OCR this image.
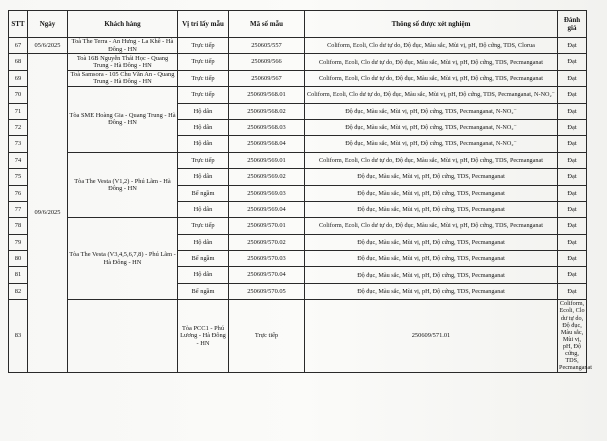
STT	Ngày	Khách hàng	Vị trí lấy mẫu	Mã số mẫu	Thông số được xét nghiệm	Đánh giá	
67	05/6/2025	Toà The Terra - An Hưng - La Khê - Hà Đông - HN	Trực tiếp	250605/557	Coliform, Ecoli, Clo dư tự do, Độ đục, Màu sắc, Mùi vị, pH, Độ cứng, TDS, Clorua	Đạt	
68	09/6/2025	Toà 16B Nguyễn Thái Học - Quang Trung - Hà Đông - HN	Trực tiếp	250609/566	Coliform, Ecoli, Clo dư tự do, Độ đục, Màu sắc, Mùi vị, pH, Độ cứng, TDS, Pecmanganat	Đạt	
69		Toà Samsora - 105 Chu Văn An - Quang Trung - Hà Đông - HN	Trực tiếp	250609/567	Coliform, Ecoli, Clo dư tự do, Độ đục, Màu sắc, Mùi vị, pH, Độ cứng, TDS, Pecmanganat	Đạt	
70		Tòa SME Hoàng Gia - Quang Trung - Hà Đông - HN	Trực tiếp	250609/568.01	Coliform, Ecoli, Clo dư tự do, Độ đục, Màu sắc, Mùi vị, pH, Độ cứng, TDS, Pecmanganat, N-NO₂⁻	Đạt	
71			Hộ dân	250609/568.02	Độ đục, Màu sắc, Mùi vị, pH, Độ cứng, TDS, Pecmanganat, N-NO₂⁻	Đạt	
72			Hộ dân	250609/568.03	Độ đục, Màu sắc, Mùi vị, pH, Độ cứng, TDS, Pecmanganat, N-NO₂⁻	Đạt	
73			Hộ dân	250609/568.04	Độ đục, Màu sắc, Mùi vị, pH, Độ cứng, TDS, Pecmanganat, N-NO₂⁻	Đạt	
74		Tòa The Vesta (V1,2) - Phú Lãm - Hà Đông - HN	Trực tiếp	250609/569.01	Coliform, Ecoli, Clo dư tự do, Độ đục, Màu sắc, Mùi vị, pH, Độ cứng, TDS, Pecmanganat	Đạt	
75			Hộ dân	250609/569.02	Độ đục, Màu sắc, Mùi vị, pH, Độ cứng, TDS, Pecmanganat	Đạt	
76			Bể ngầm	250609/569.03	Độ đục, Màu sắc, Mùi vị, pH, Độ cứng, TDS, Pecmanganat	Đạt	
77			Hộ dân	250609/569.04	Độ đục, Màu sắc, Mùi vị, pH, Độ cứng, TDS, Pecmanganat	Đạt	
78		Tòa The Vesta (V3,4,5,6,7,8) - Phú Lãm - Hà Đông - HN	Trực tiếp	250609/570.01	Coliform, Ecoli, Clo dư tự do, Độ đục, Màu sắc, Mùi vị, pH, Độ cứng, TDS, Pecmanganat	Đạt	
79			Hộ dân	250609/570.02	Độ đục, Màu sắc, Mùi vị, pH, Độ cứng, TDS, Pecmanganat	Đạt	
80			Bể ngầm	250609/570.03	Độ đục, Màu sắc, Mùi vị, pH, Độ cứng, TDS, Pecmanganat	Đạt	
81			Hộ dân	250609/570.04	Độ đục, Màu sắc, Mùi vị, pH, Độ cứng, TDS, Pecmanganat	Đạt	
82			Bể ngầm	250609/570.05	Độ đục, Màu sắc, Mùi vị, pH, Độ cứng, TDS, Pecmanganat	Đạt	
83			Tòa PCC1 - Phú Lương - Hà Đông - HN	Trực tiếp	250609/571.01	Coliform, Ecoli, Clo dư tự do, Độ đục, Màu sắc, Mùi vị, pH, Độ cứng, TDS, Pecmanganat	
